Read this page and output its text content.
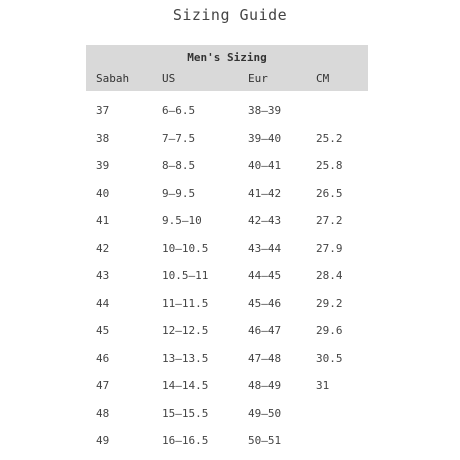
Sizing Guide
Men's Sizing
Sabah	US	Eur	CM
37	6–6.5	38–39
38	7–7.5	39–40	25.2
39	8–8.5	40–41	25.8
40	9–9.5	41–42	26.5
41	9.5–10	42–43	27.2
42	10–10.5	43–44	27.9
43	10.5–11	44–45	28.4
44	11–11.5	45–46	29.2
45	12–12.5	46–47	29.6
46	13–13.5	47–48	30.5
47	14–14.5	48–49	31
48	15–15.5	49–50
49	16–16.5	50–51
